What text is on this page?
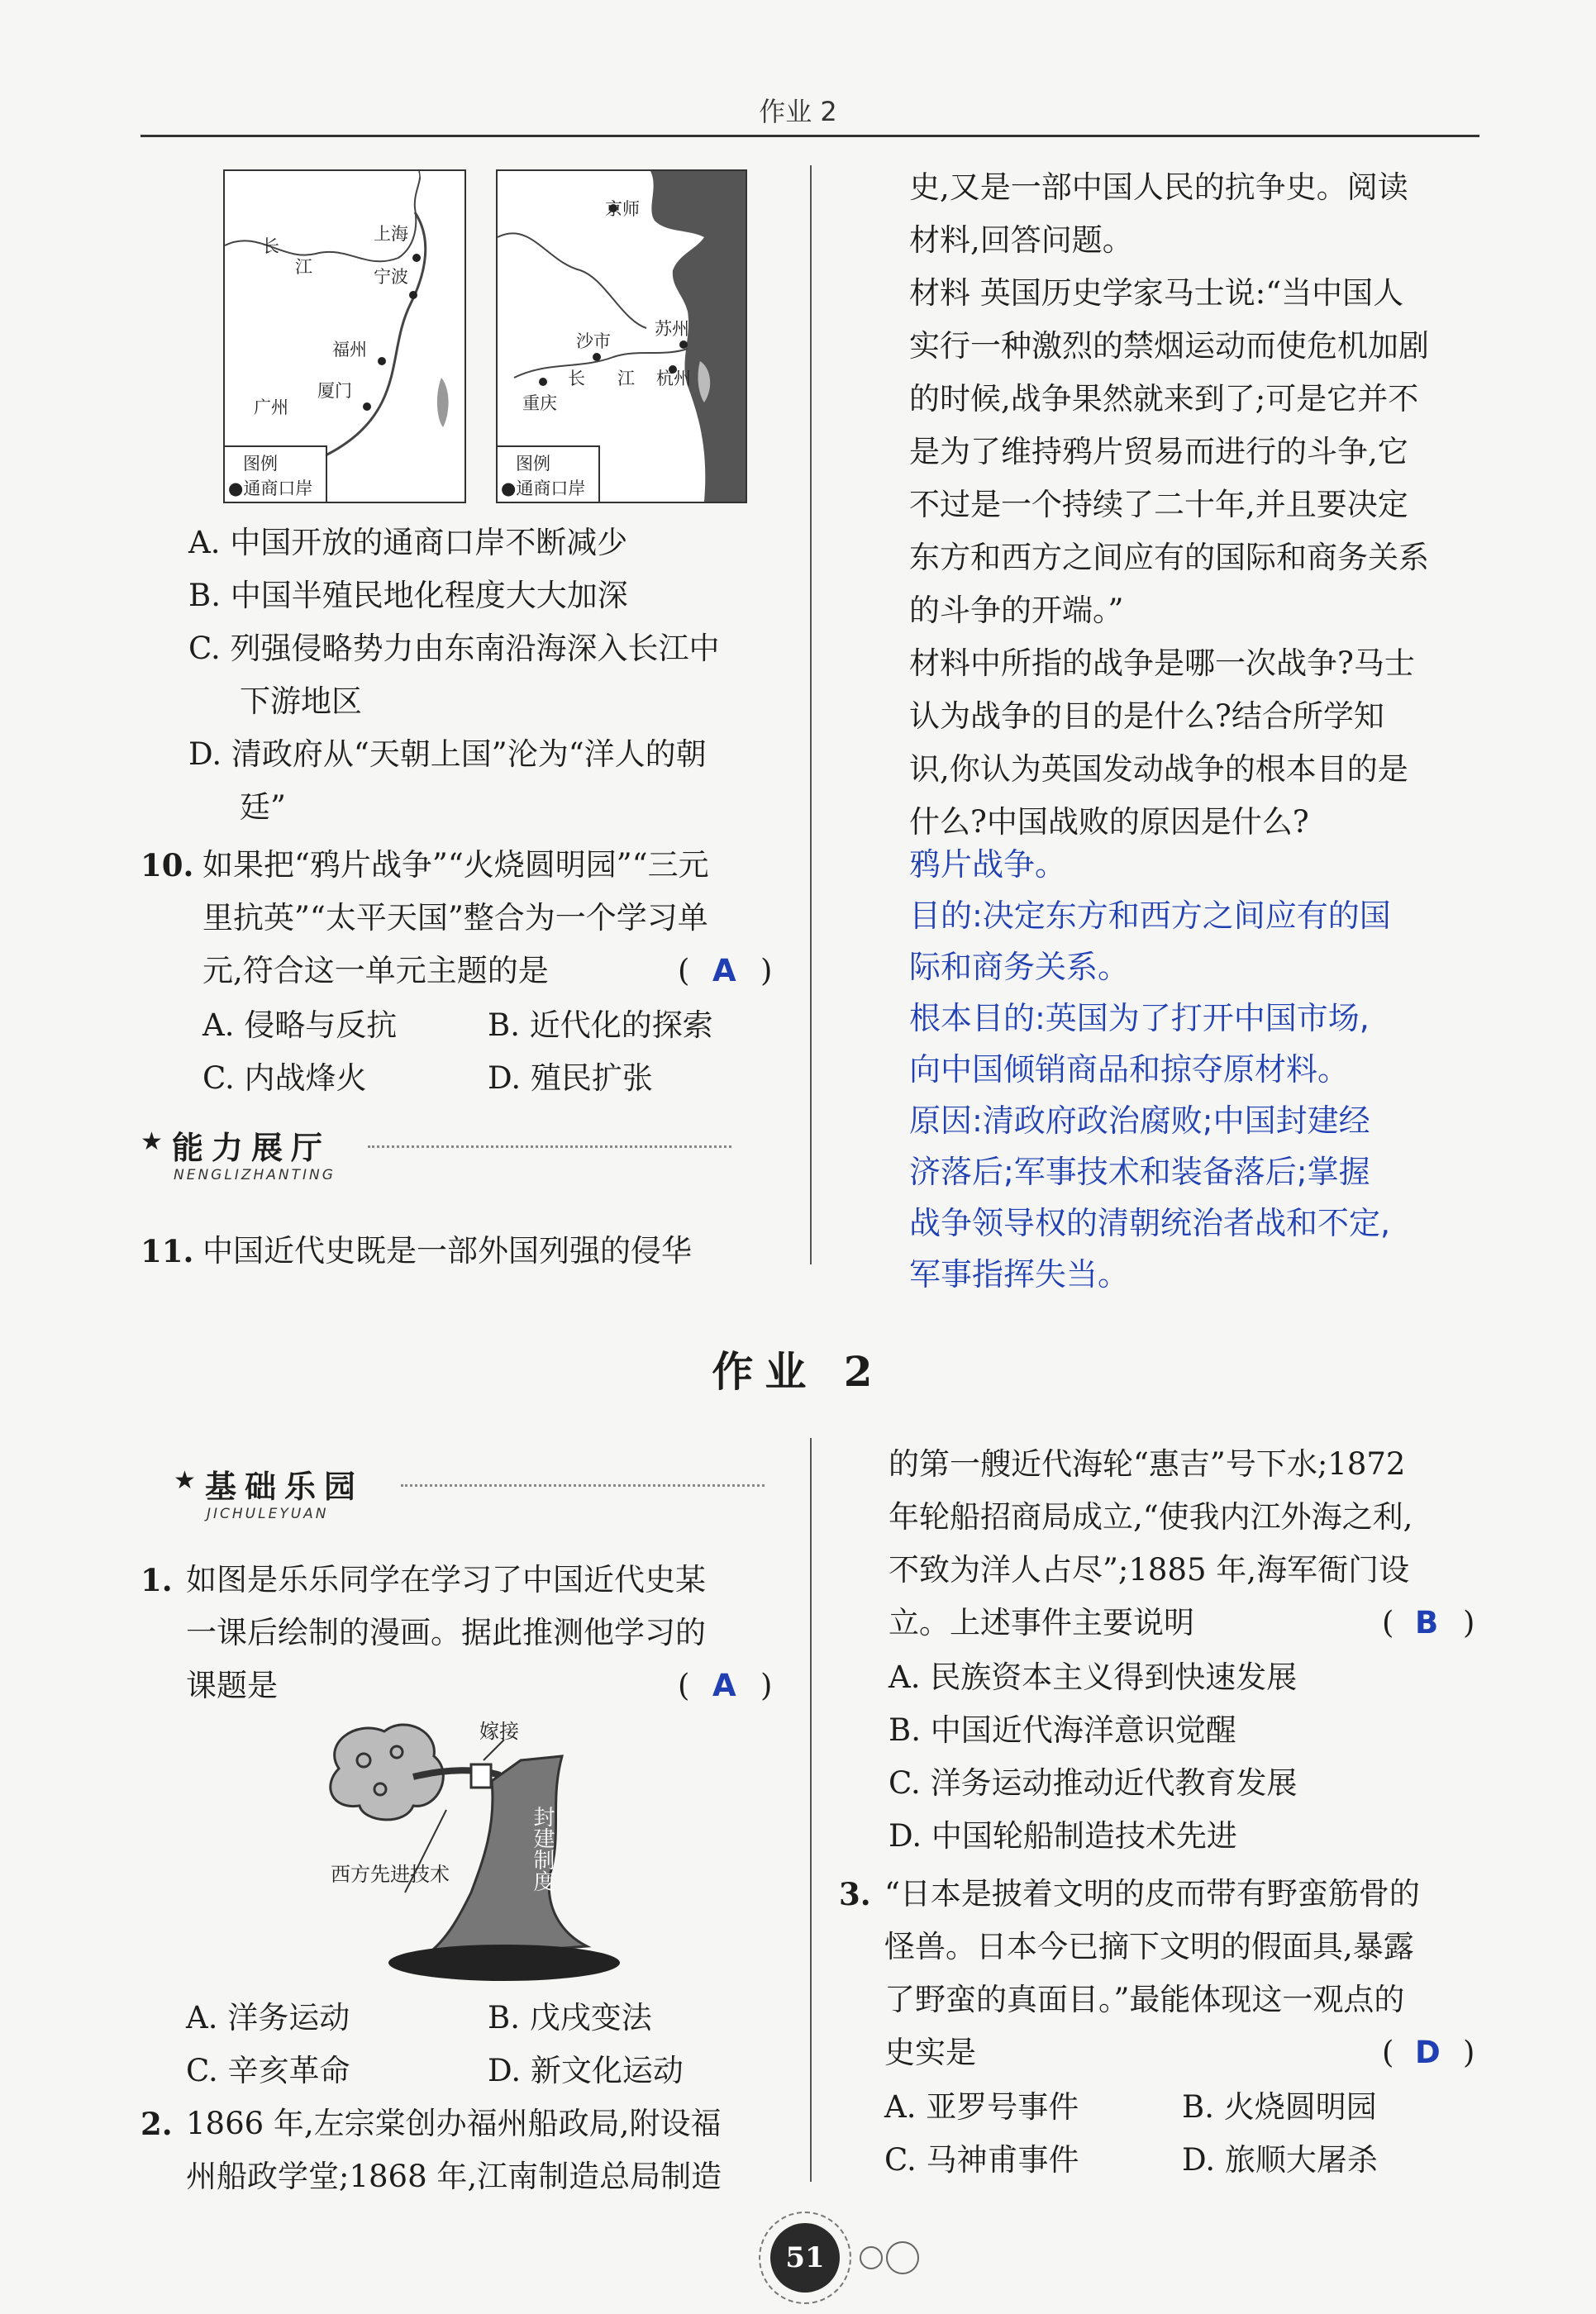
作业 2
上海
长
江	宁波
福州
厦门
广州
图例
●通商口岸
京师
沙市
苏州
长 江 杭州
重庆
图例
●通商口岸
A. 中国开放的通商口岸不断减少
B. 中国半殖民地化程度大大加深
C. 列强侵略势力由东南沿海深入长江中
下游地区
D. 清政府从“天朝上国”沦为“洋人的朝
廷”
10. 如果把“鸦片战争”“火烧圆明园”“三元
里抗英”“太平天国”整合为一个学习单
元,符合这一单元主题的是	( A )
A. 侵略与反抗	B. 近代化的探索
C. 内战烽火	D. 殖民扩张
★ 能力展厅
NENGLIZHANTING
11. 中国近代史既是一部外国列强的侵华
史,又是一部中国人民的抗争史。阅读
材料,回答问题。
材料 英国历史学家马士说:“当中国人
实行一种激烈的禁烟运动而使危机加剧
的时候,战争果然就来到了;可是它并不
是为了维持鸦片贸易而进行的斗争,它
不过是一个持续了二十年,并且要决定
东方和西方之间应有的国际和商务关系
的斗争的开端。”
材料中所指的战争是哪一次战争?马士
认为战争的目的是什么?结合所学知
识,你认为英国发动战争的根本目的是
什么?中国战败的原因是什么?
鸦片战争。
目的:决定东方和西方之间应有的国
际和商务关系。
根本目的:英国为了打开中国市场,
向中国倾销商品和掠夺原材料。
原因:清政府政治腐败;中国封建经
济落后;军事技术和装备落后;掌握
战争领导权的清朝统治者战和不定,
军事指挥失当。
作业 2
★ 基础乐园
JICHULEYUAN
1. 如图是乐乐同学在学习了中国近代史某
一课后绘制的漫画。据此推测他学习的
课题是	( A )
嫁接
西方先进技术	封建制度
A. 洋务运动	B. 戊戌变法
C. 辛亥革命	D. 新文化运动
2. 1866 年,左宗棠创办福州船政局,附设福
州船政学堂;1868 年,江南制造总局制造
的第一艘近代海轮“惠吉”号下水;1872
年轮船招商局成立,“使我内江外海之利,
不致为洋人占尽”;1885 年,海军衙门设
立。上述事件主要说明	( B )
A. 民族资本主义得到快速发展
B. 中国近代海洋意识觉醒
C. 洋务运动推动近代教育发展
D. 中国轮船制造技术先进
3. “日本是披着文明的皮而带有野蛮筋骨的
怪兽。日本今已摘下文明的假面具,暴露
了野蛮的真面目。”最能体现这一观点的
史实是	( D )
A. 亚罗号事件	B. 火烧圆明园
C. 马神甫事件	D. 旅顺大屠杀
51
